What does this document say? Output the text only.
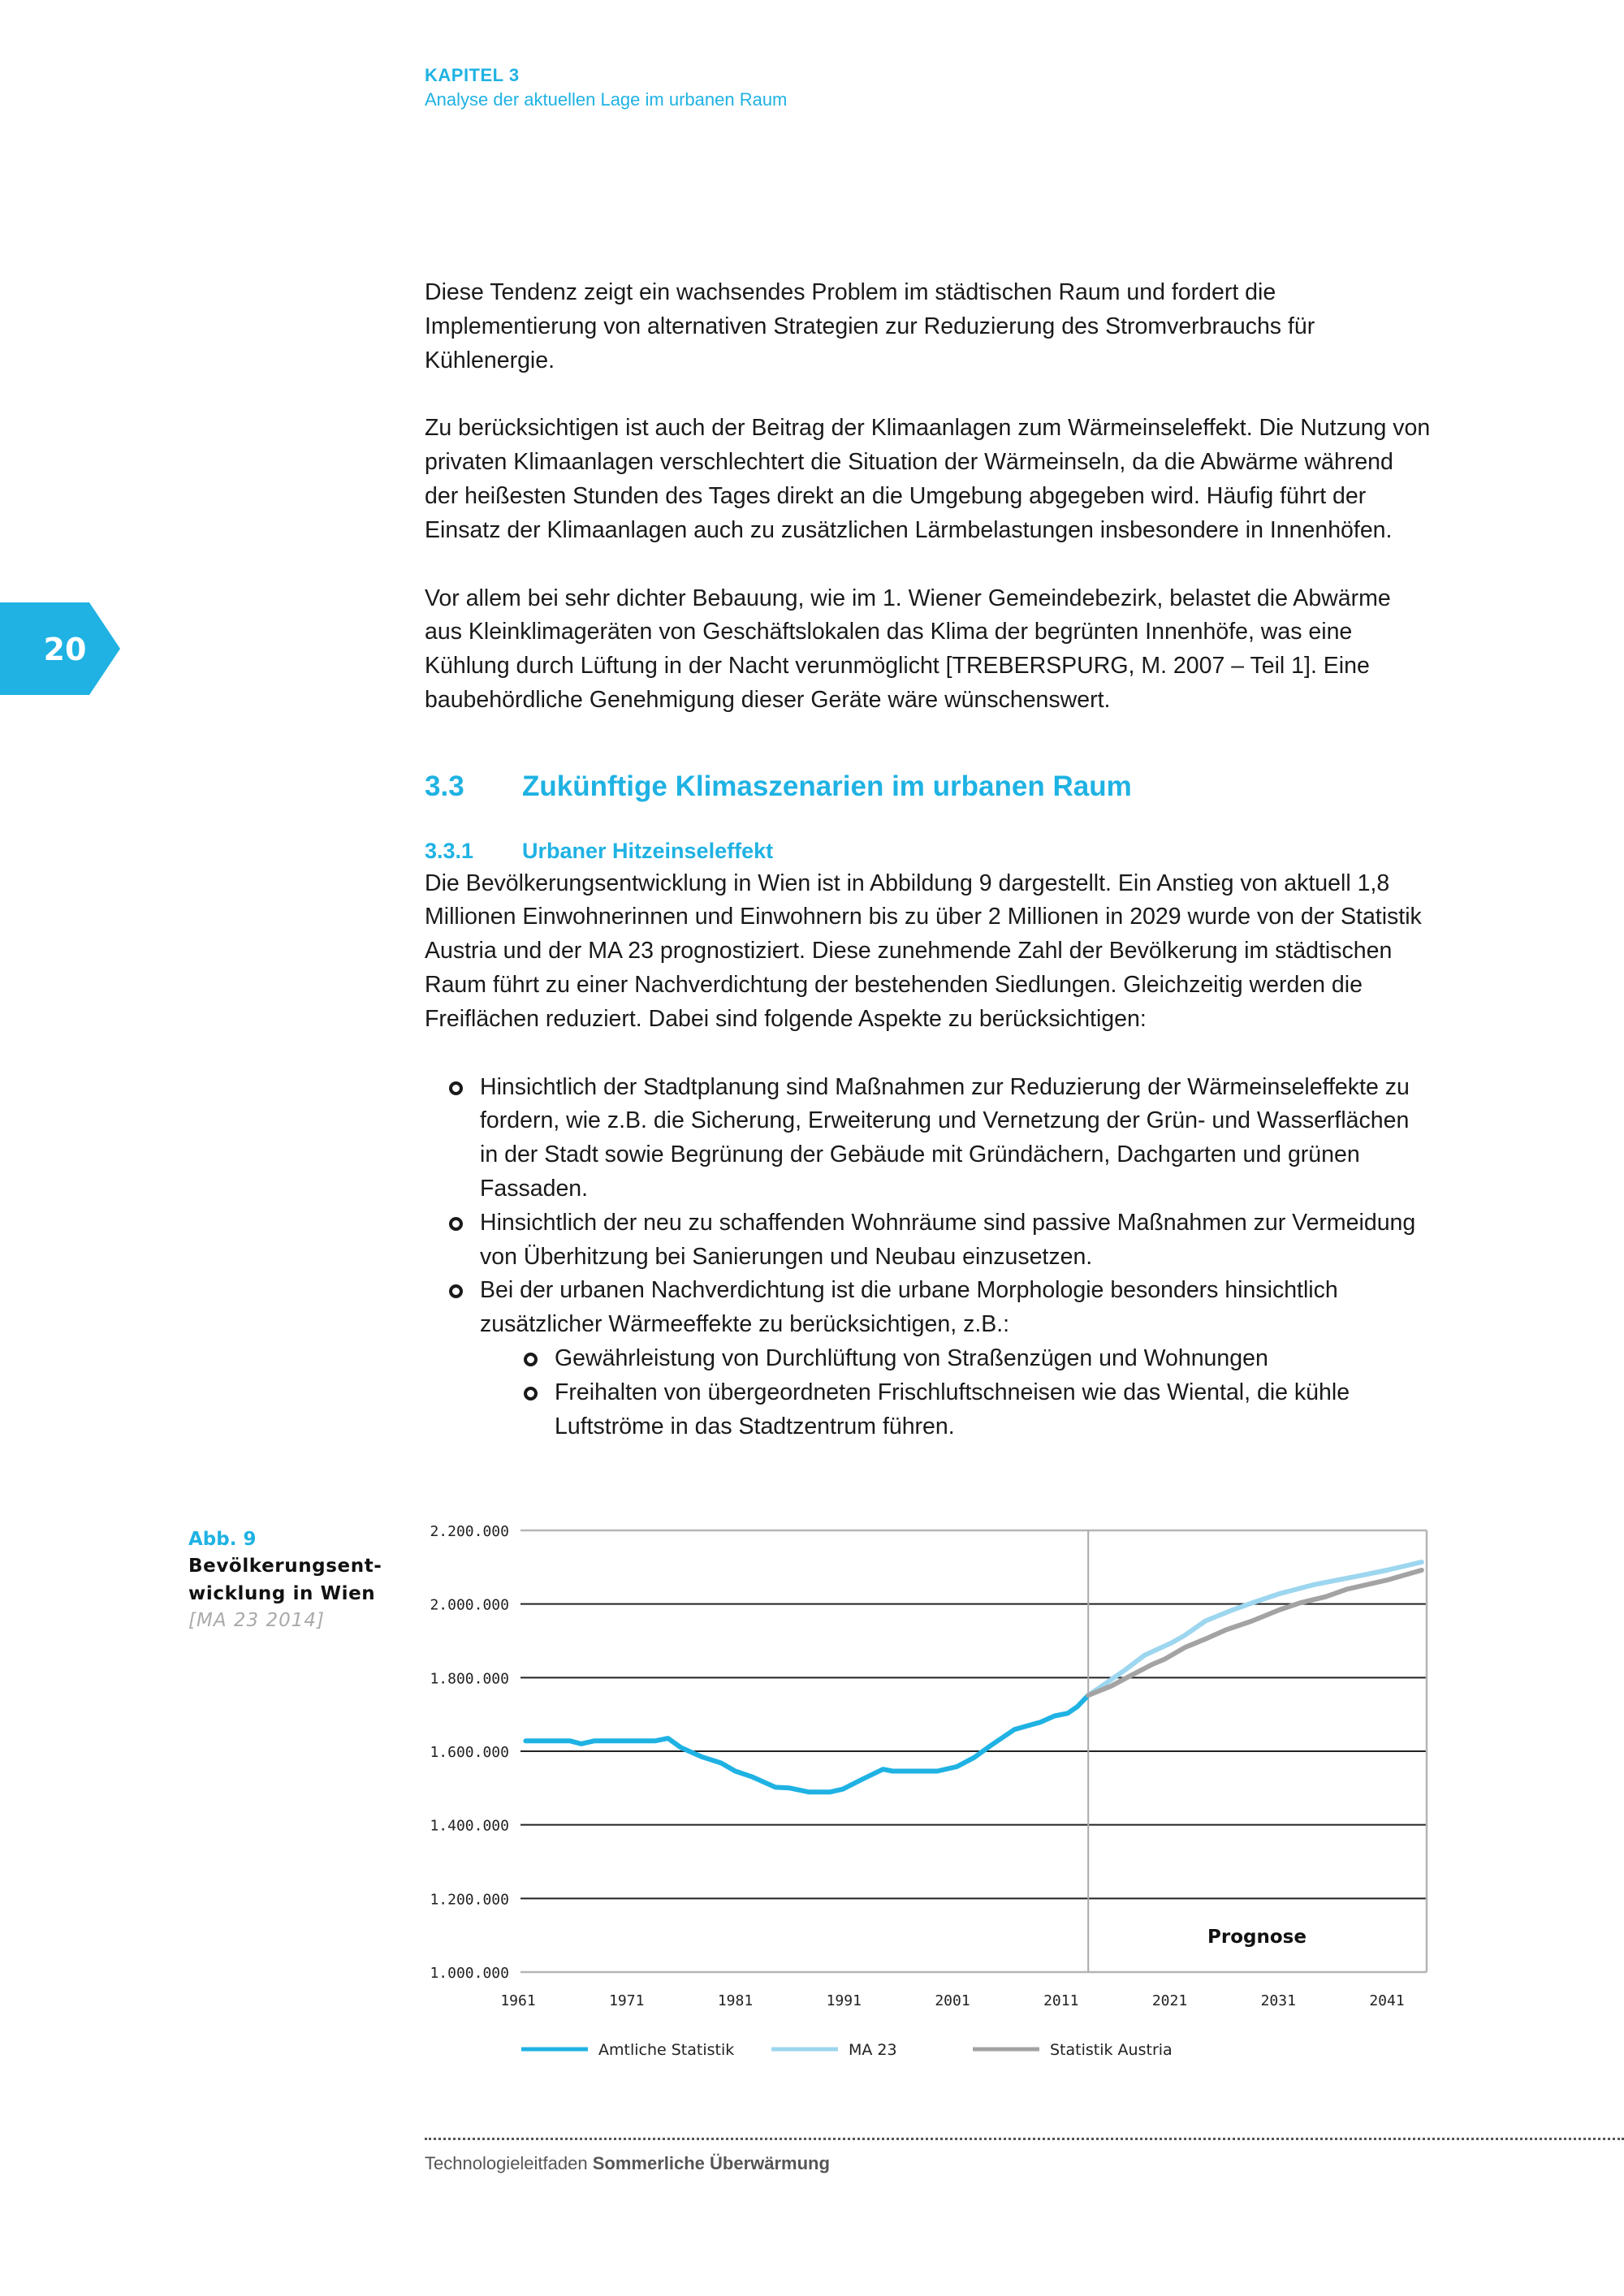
KAPITEL 3
Analyse der aktuellen Lage im urbanen Raum
20

Diese Tendenz zeigt ein wachsendes Problem im städtischen Raum und fordert die Implementierung von alternativen Strategien zur Reduzierung des Stromverbrauchs für Kühlenergie.

Zu berücksichtigen ist auch der Beitrag der Klimaanlagen zum Wärmeinseleffekt. Die Nutzung von privaten Klimaanlagen verschlechtert die Situation der Wärmeinseln, da die Abwärme während der heißesten Stunden des Tages direkt an die Umgebung abgegeben wird. Häufig führt der Einsatz der Klimaanlagen auch zu zusätzlichen Lärmbelastungen insbesondere in Innenhöfen.

Vor allem bei sehr dichter Bebauung, wie im 1. Wiener Gemeindebezirk, belastet die Abwärme aus Kleinklimageräten von Geschäftslokalen das Klima der begrünten Innenhöfe, was eine Kühlung durch Lüftung in der Nacht verunmöglicht [TREBERSPURG, M. 2007 – Teil 1]. Eine baubehördliche Genehmigung dieser Geräte wäre wünschenswert.

3.3	Zukünftige Klimaszenarien im urbanen Raum
3.3.1	Urbaner Hitzeinseleffekt

Die Bevölkerungsentwicklung in Wien ist in Abbildung 9 dargestellt. Ein Anstieg von aktuell 1,8 Millionen Einwohnerinnen und Einwohnern bis zu über 2 Millionen in 2029 wurde von der Statistik Austria und der MA 23 prognostiziert. Diese zunehmende Zahl der Bevölkerung im städtischen Raum führt zu einer Nachverdichtung der bestehenden Siedlungen. Gleichzeitig werden die Freiflächen reduziert. Dabei sind folgende Aspekte zu berücksichtigen:

Hinsichtlich der Stadtplanung sind Maßnahmen zur Reduzierung der Wärmeinseleffekte zu fordern, wie z.B. die Sicherung, Erweiterung und Vernetzung der Grün- und Wasserflächen in der Stadt sowie Begrünung der Gebäude mit Gründächern, Dachgarten und grünen Fassaden.
Hinsichtlich der neu zu schaffenden Wohnräume sind passive Maßnahmen zur Vermeidung von Überhitzung bei Sanierungen und Neubau einzusetzen.
Bei der urbanen Nachverdichtung ist die urbane Morphologie besonders hinsichtlich zusätzlicher Wärmeeffekte zu berücksichtigen, z.B.:
Gewährleistung von Durchlüftung von Straßenzügen und Wohnungen
Freihalten von übergeordneten Frischluftschneisen wie das Wiental, die kühle Luftströme in das Stadtzentrum führen.
Abb. 9
Bevölkerungsent-
wicklung in Wien
[MA 23 2014]
1.000.000
1.200.000
1.400.000
1.600.000
1.800.000
2.000.000
2.200.000
1961	1971	1981	1991	2001	2011	2021	2031	2041
Prognose
Amtliche Statistik	MA 23	Statistik Austria
Technologieleitfaden Sommerliche Überwärmung
